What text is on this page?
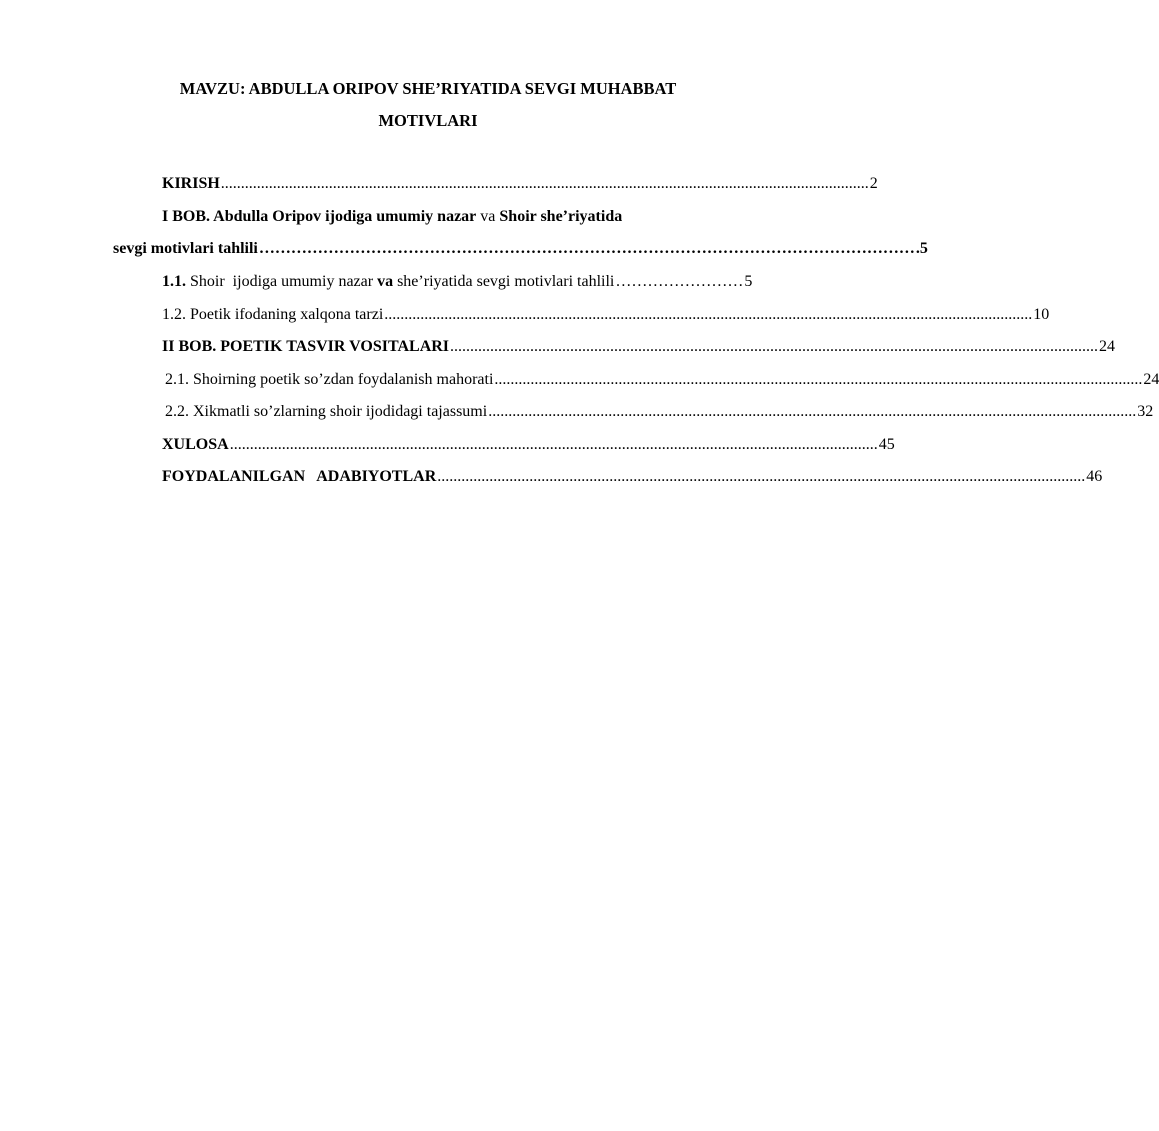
MAVZU: ABDULLA ORIPOV SHE’RIYATIDA SEVGI MUHABBAT
MOTIVLARI
KIRISH .................................................................................................................................................................. 2
I BOB. Abdulla Oripov ijodiga umumiy nazar va Shoir she’riyatida
sevgi motivlari tahlili …………………………………………………………………………………………………………… .5
1.1. Shoir  ijodiga umumiy nazar va she’riyatida sevgi motivlari tahlili …………………… 5
1.2. Poetik ifodaning xalqona tarzi .................................................................................................................................................................. 10
II BOB. POETIK TASVIR VOSITALARI .................................................................................................................................................................. 24
2.1. Shoirning poetik so’zdan foydalanish mahorati .................................................................................................................................................................. 24
2.2. Xikmatli so’zlarning shoir ijodidagi tajassumi .................................................................................................................................................................. 32
XULOSA .................................................................................................................................................................. 45
FOYDALANILGAN   ADABIYOTLAR .................................................................................................................................................................. 46
